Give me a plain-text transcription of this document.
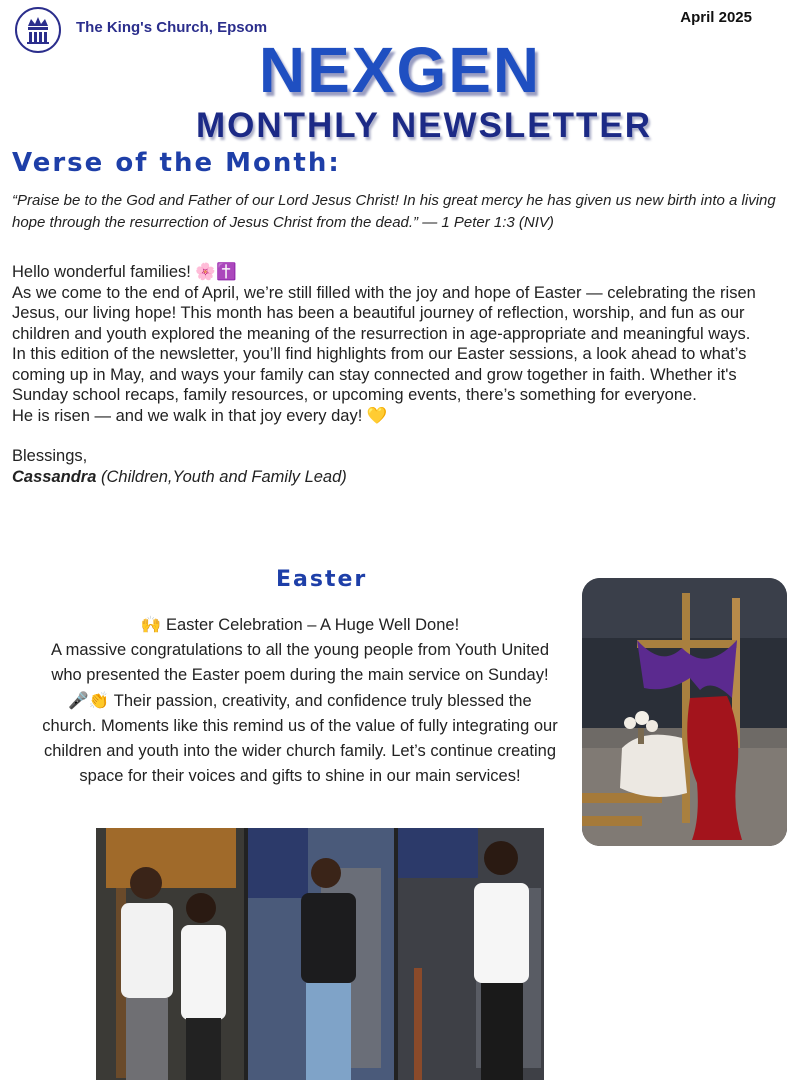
The King's Church, Epsom
April 2025
NEXGEN
MONTHLY NEWSLETTER
Verse of the Month:
“Praise be to the God and Father of our Lord Jesus Christ! In his great mercy he has given us new birth into a living hope through the resurrection of Jesus Christ from the dead.” — 1 Peter 1:3 (NIV)

Hello wonderful families! 🌸✝️

As we come to the end of April, we’re still filled with the joy and hope of Easter — celebrating the risen Jesus, our living hope! This month has been a beautiful journey of reflection, worship, and fun as our children and youth explored the meaning of the resurrection in age-appropriate and meaningful ways.

In this edition of the newsletter, you’ll find highlights from our Easter sessions, a look ahead to what’s coming up in May, and ways your family can stay connected and grow together in faith. Whether it's Sunday school recaps, family resources, or upcoming events, there’s something for everyone.

He is risen — and we walk in that joy every day! 💛

Blessings,

Cassandra (Children,Youth and Family Lead)

Easter
🙌 Easter Celebration – A Huge Well Done!
A massive congratulations to all the young people from Youth United who presented the Easter poem during the main service on Sunday! 🎤👏 Their passion, creativity, and confidence truly blessed the church. Moments like this remind us of the value of fully integrating our children and youth into the wider church family. Let’s continue creating space for their voices and gifts to shine in our main services!
